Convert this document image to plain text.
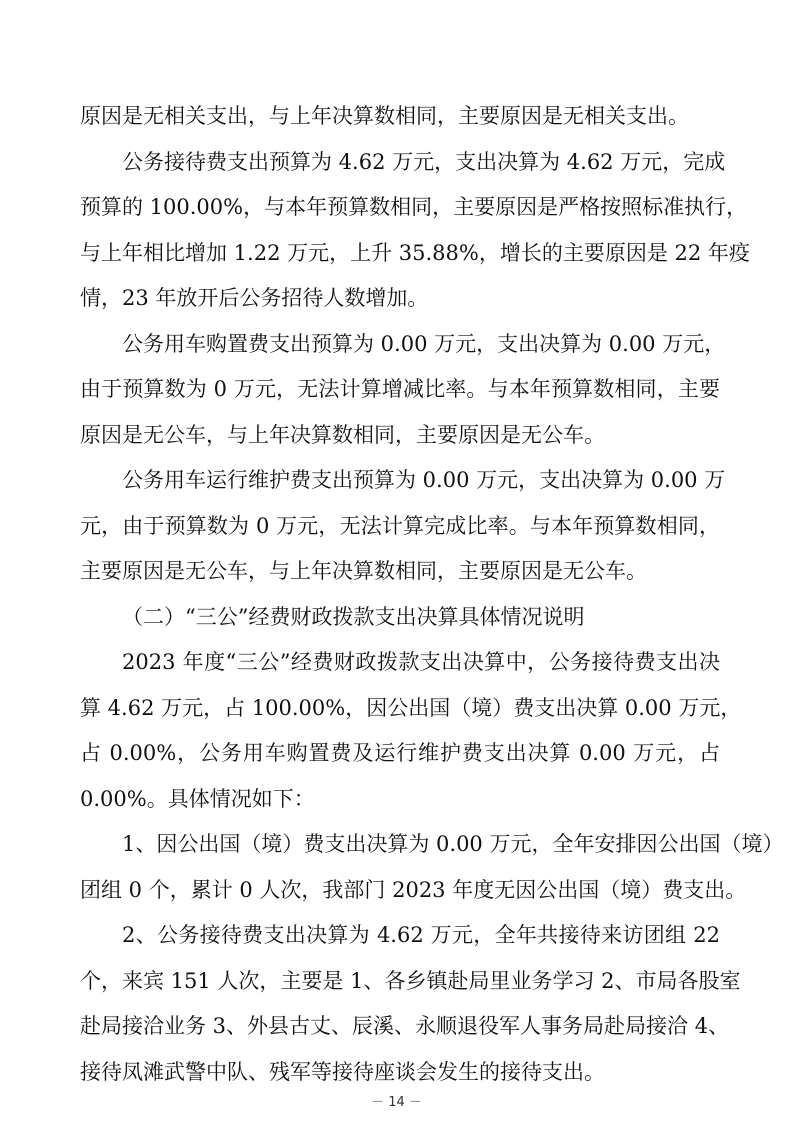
原因是无相关支出，与上年决算数相同，主要原因是无相关支出。
公务接待费支出预算为 4.62 万元，支出决算为 4.62 万元，完成
预算的 100.00%，与本年预算数相同，主要原因是严格按照标准执行，
与上年相比增加 1.22 万元，上升 35.88%，增长的主要原因是 22 年疫
情，23 年放开后公务招待人数增加。
公务用车购置费支出预算为 0.00 万元，支出决算为 0.00 万元，
由于预算数为 0 万元，无法计算增减比率。与本年预算数相同，主要
原因是无公车，与上年决算数相同，主要原因是无公车。
公务用车运行维护费支出预算为 0.00 万元，支出决算为 0.00 万
元，由于预算数为 0 万元，无法计算完成比率。与本年预算数相同，
主要原因是无公车，与上年决算数相同，主要原因是无公车。
（二）“三公”经费财政拨款支出决算具体情况说明
2023 年度“三公”经费财政拨款支出决算中，公务接待费支出决
算 4.62 万元，占 100.00%，因公出国（境）费支出决算 0.00 万元，
占 0.00%，公务用车购置费及运行维护费支出决算 0.00 万元，占
0.00%。具体情况如下：
1、因公出国（境）费支出决算为 0.00 万元，全年安排因公出国（境）
团组 0 个，累计 0 人次，我部门 2023 年度无因公出国（境）费支出。
2、公务接待费支出决算为 4.62 万元，全年共接待来访团组 22
个，来宾 151 人次，主要是 1、各乡镇赴局里业务学习 2、市局各股室
赴局接洽业务 3、外县古丈、辰溪、永顺退役军人事务局赴局接洽 4、
接待凤滩武警中队、残军等接待座谈会发生的接待支出。
－ 14 －
